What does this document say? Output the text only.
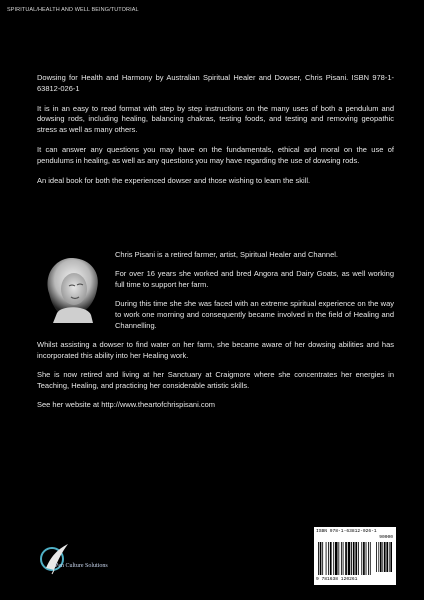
SPIRITUAL/HEALTH AND WELL BEING/TUTORIAL

Dowsing for Health and Harmony by Australian Spiritual Healer and Dowser, Chris Pisani. ISBN 978-1-63812-026-1

It is in an easy to read format with step by step instructions on the many uses of both a pendulum and dowsing rods, including healing, balancing chakras, testing foods, and testing and removing geopathic stress as well as many others.

It can answer any questions you may have on the fundamentals, ethical and moral on the use of pendulums in healing, as well as any questions you may have regarding the use of dowsing rods.

An ideal book for both the experienced dowser and those wishing to learn the skill.

Chris Pisani is a retired farmer, artist, Spiritual Healer and Channel.

For over 16 years she worked and bred Angora and Dairy Goats, as well working full time to support her farm.

During this time she she was faced with an extreme spiritual experience on the way to work one morning and consequently became involved in the field of Healing and Channelling.

Whilst assisting a dowser to find water on her farm, she became aware of her dowsing abilities and has incorporated this ability into her Healing work.

She is now retired and living at her Sanctuary at Craigmore where she concentrates her energies in Teaching, Healing, and practicing her considerable artistic skills.

See her website at http://www.theartofchrispisani.com

Pen Culture Solutions
ISBN 978-1-63812-026-1
90000
9 781638 120261
